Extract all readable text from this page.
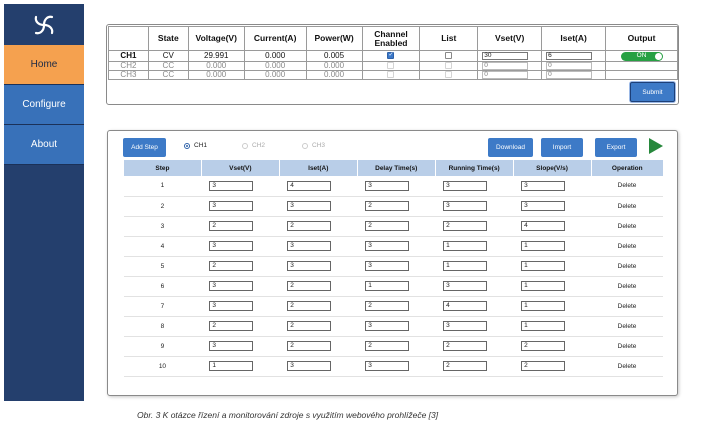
Home
Configure
About
	State	Voltage(V)	Current(A)	Power(W)	Channel Enabled	List	Vset(V)	Iset(A)	Output
CH1	CV	29.991	0.000	0.005	✓		30	6	ON

CH2	CC	0.000	0.000	0.000			0	0	
CH3	CC	0.000	0.000	0.000			0	0	
Submit
Add Step	CH1	CH2	CH3	Download	Import	Export
Step	Vset(V)	Iset(A)	Delay Time(s)	Running Time(s)	Slope(V/s)	Operation
1	3	4	3	3	3	Delete
2	3	3	2	3	3	Delete
3	2	2	2	2	4	Delete
4	3	3	3	1	1	Delete
5	2	3	3	1	1	Delete
6	3	2	1	3	1	Delete
7	3	2	2	4	1	Delete
8	2	2	3	3	1	Delete
9	3	2	2	2	2	Delete
10	1	3	3	2	2	Delete
Obr. 3 K otázce řízení a monitorování zdroje s využitím webového prohlížeče [3]
